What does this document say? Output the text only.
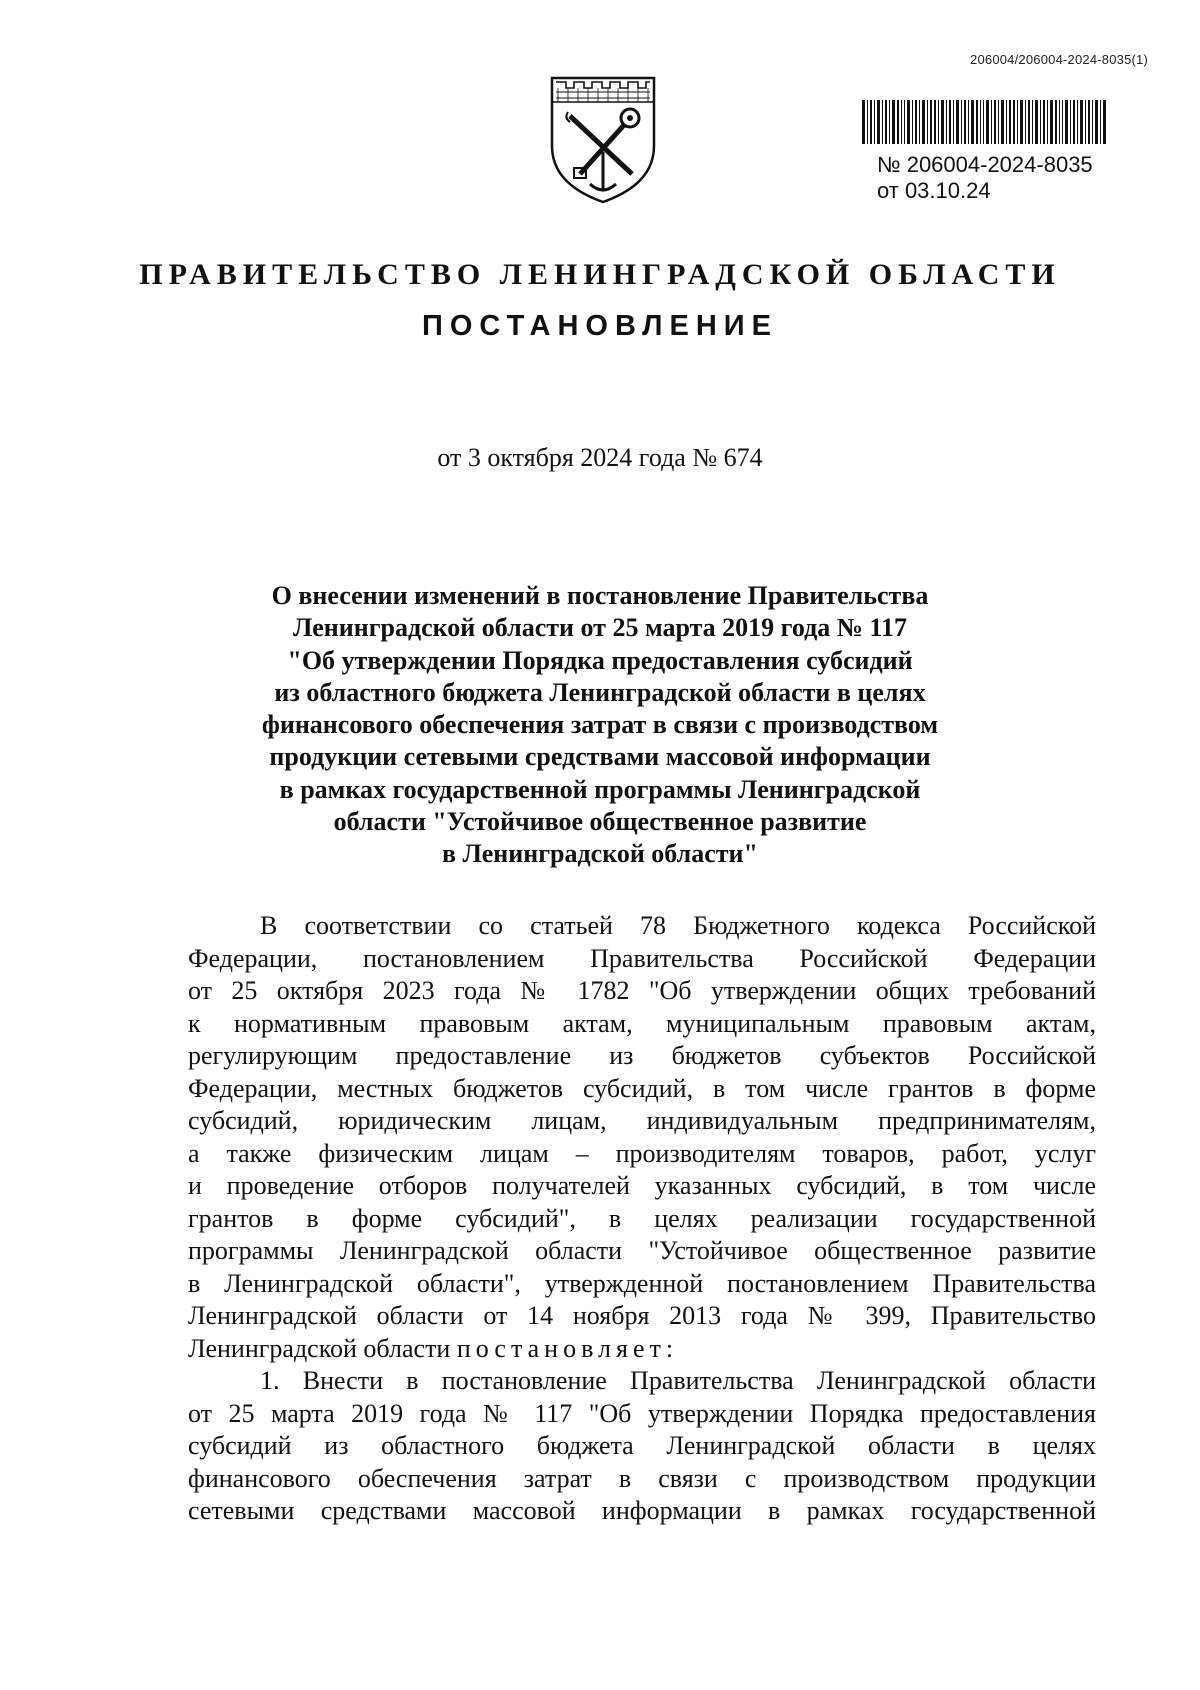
206004/206004-2024-8035(1)
№ 206004-2024-8035
от 03.10.24
ПРАВИТЕЛЬСТВО ЛЕНИНГРАДСКОЙ ОБЛАСТИ
ПОСТАНОВЛЕНИЕ
от 3 октября 2024 года № 674
О внесении изменений в постановление Правительства
Ленинградской области от 25 марта 2019 года № 117
"Об утверждении Порядка предоставления субсидий
из областного бюджета Ленинградской области в целях
финансового обеспечения затрат в связи с производством
продукции сетевыми средствами массовой информации
в рамках государственной программы Ленинградской
области "Устойчивое общественное развитие
в Ленинградской области"
В соответствии со статьей 78 Бюджетного кодекса Российской
Федерации, постановлением Правительства Российской Федерации
от 25 октября 2023 года № 1782 "Об утверждении общих требований
к нормативным правовым актам, муниципальным правовым актам,
регулирующим предоставление из бюджетов субъектов Российской
Федерации, местных бюджетов субсидий, в том числе грантов в форме
субсидий, юридическим лицам, индивидуальным предпринимателям,
а также физическим лицам – производителям товаров, работ, услуг
и проведение отборов получателей указанных субсидий, в том числе
грантов в форме субсидий", в целях реализации государственной
программы Ленинградской области "Устойчивое общественное развитие
в Ленинградской области", утвержденной постановлением Правительства
Ленинградской области от 14 ноября 2013 года № 399, Правительство
Ленинградской области постановляет:
1. Внести в постановление Правительства Ленинградской области
от 25 марта 2019 года № 117 "Об утверждении Порядка предоставления
субсидий из областного бюджета Ленинградской области в целях
финансового обеспечения затрат в связи с производством продукции
сетевыми средствами массовой информации в рамках государственной
